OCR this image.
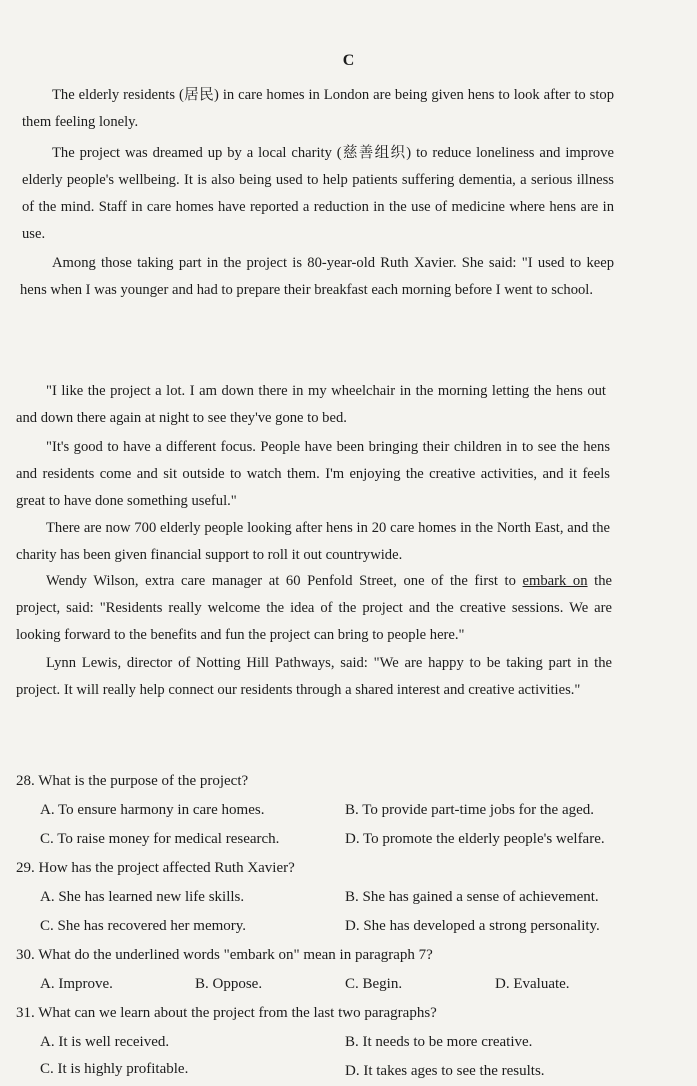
C

The elderly residents (居民) in care homes in London are being given hens to look after to stop them feeling lonely.

The project was dreamed up by a local charity (慈善组织) to reduce loneliness and improve elderly people's wellbeing. It is also being used to help patients suffering dementia, a serious illness of the mind. Staff in care homes have reported a reduction in the use of medicine where hens are in use.

Among those taking part in the project is 80-year-old Ruth Xavier. She said: "I used to keep hens when I was younger and had to prepare their breakfast each morning before I went to school.

"I like the project a lot. I am down there in my wheelchair in the morning letting the hens out and down there again at night to see they've gone to bed.

"It's good to have a different focus. People have been bringing their children in to see the hens and residents come and sit outside to watch them. I'm enjoying the creative activities, and it feels great to have done something useful."

There are now 700 elderly people looking after hens in 20 care homes in the North East, and the charity has been given financial support to roll it out countrywide.

Wendy Wilson, extra care manager at 60 Penfold Street, one of the first to embark on the project, said: "Residents really welcome the idea of the project and the creative sessions. We are looking forward to the benefits and fun the project can bring to people here."

Lynn Lewis, director of Notting Hill Pathways, said: "We are happy to be taking part in the project. It will really help connect our residents through a shared interest and creative activities."

28. What is the purpose of the project?

A. To ensure harmony in care homes.	B. To provide part-time jobs for the aged.

C. To raise money for medical research.	D. To promote the elderly people's welfare.

29. How has the project affected Ruth Xavier?

A. She has learned new life skills.	B. She has gained a sense of achievement.

C. She has recovered her memory.	D. She has developed a strong personality.

30. What do the underlined words "embark on" mean in paragraph 7?

A. Improve.	B. Oppose.	C. Begin.	D. Evaluate.

31. What can we learn about the project from the last two paragraphs?

A. It is well received.	B. It needs to be more creative.

C. It is highly profitable.	D. It takes ages to see the results.
